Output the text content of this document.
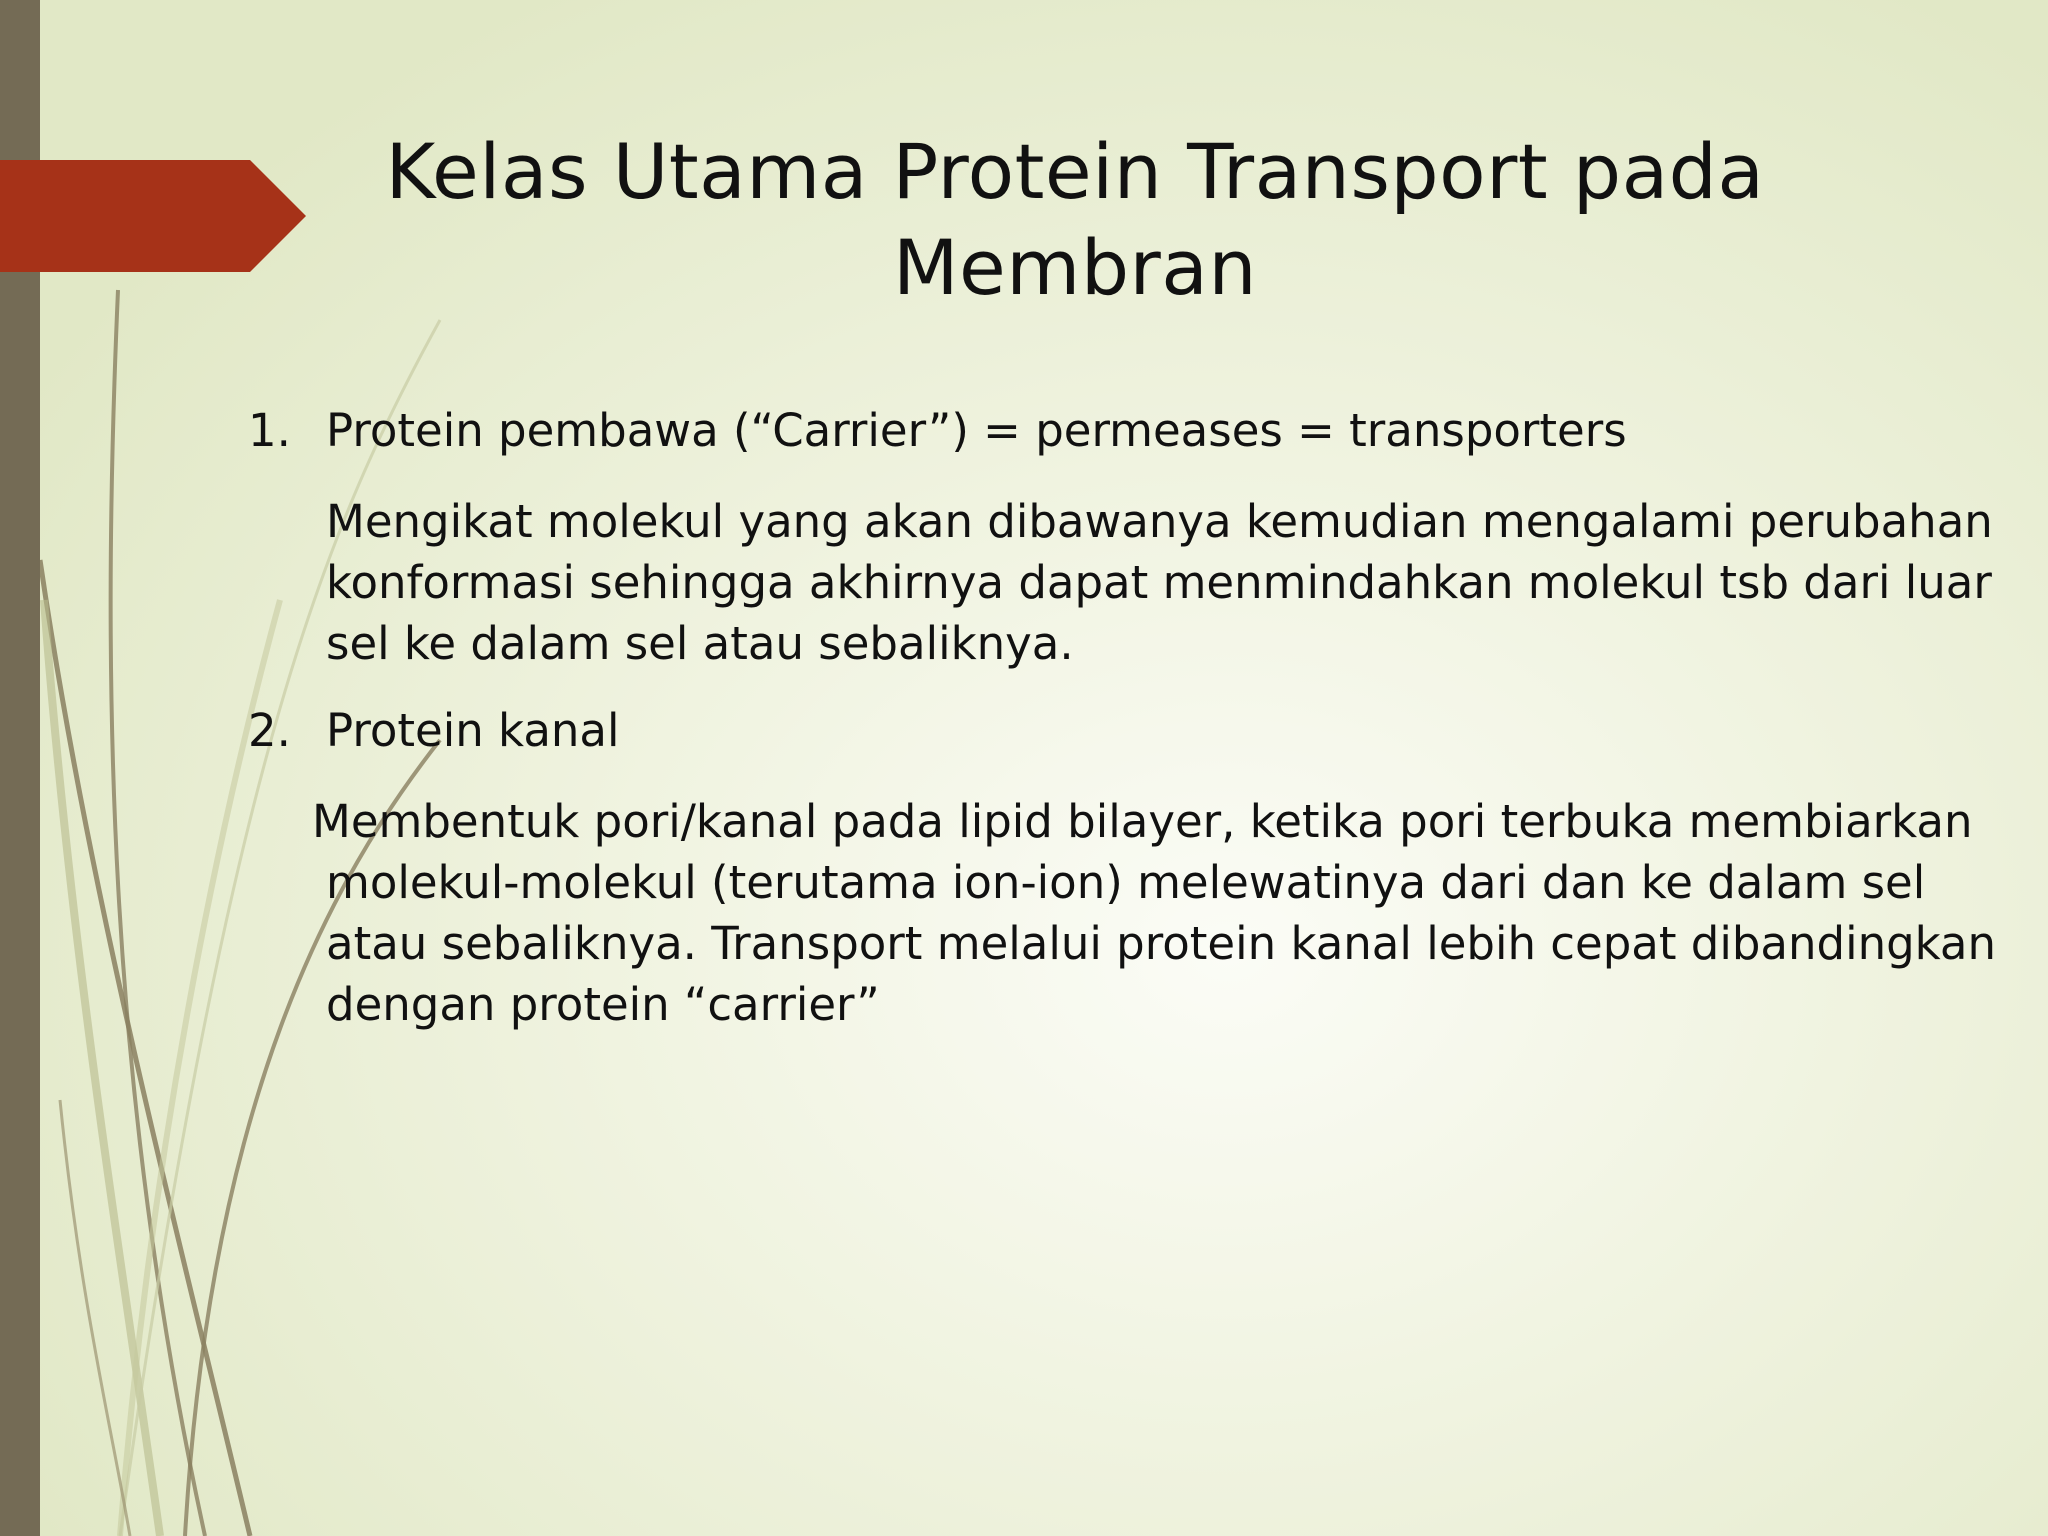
Kelas Utama Protein Transport pada Membran

1. Protein pembawa (“Carrier”) = permeases = transporters

Mengikat molekul yang akan dibawanya kemudian mengalami perubahan konformasi sehingga akhirnya dapat menmindahkan molekul tsb dari luar sel ke dalam sel atau sebaliknya.

2. Protein kanal

Membentuk pori/kanal pada lipid bilayer, ketika pori terbuka membiarkan molekul-molekul (terutama ion-ion) melewatinya dari dan ke dalam sel atau sebaliknya. Transport melalui protein kanal lebih cepat dibandingkan dengan protein “carrier”
